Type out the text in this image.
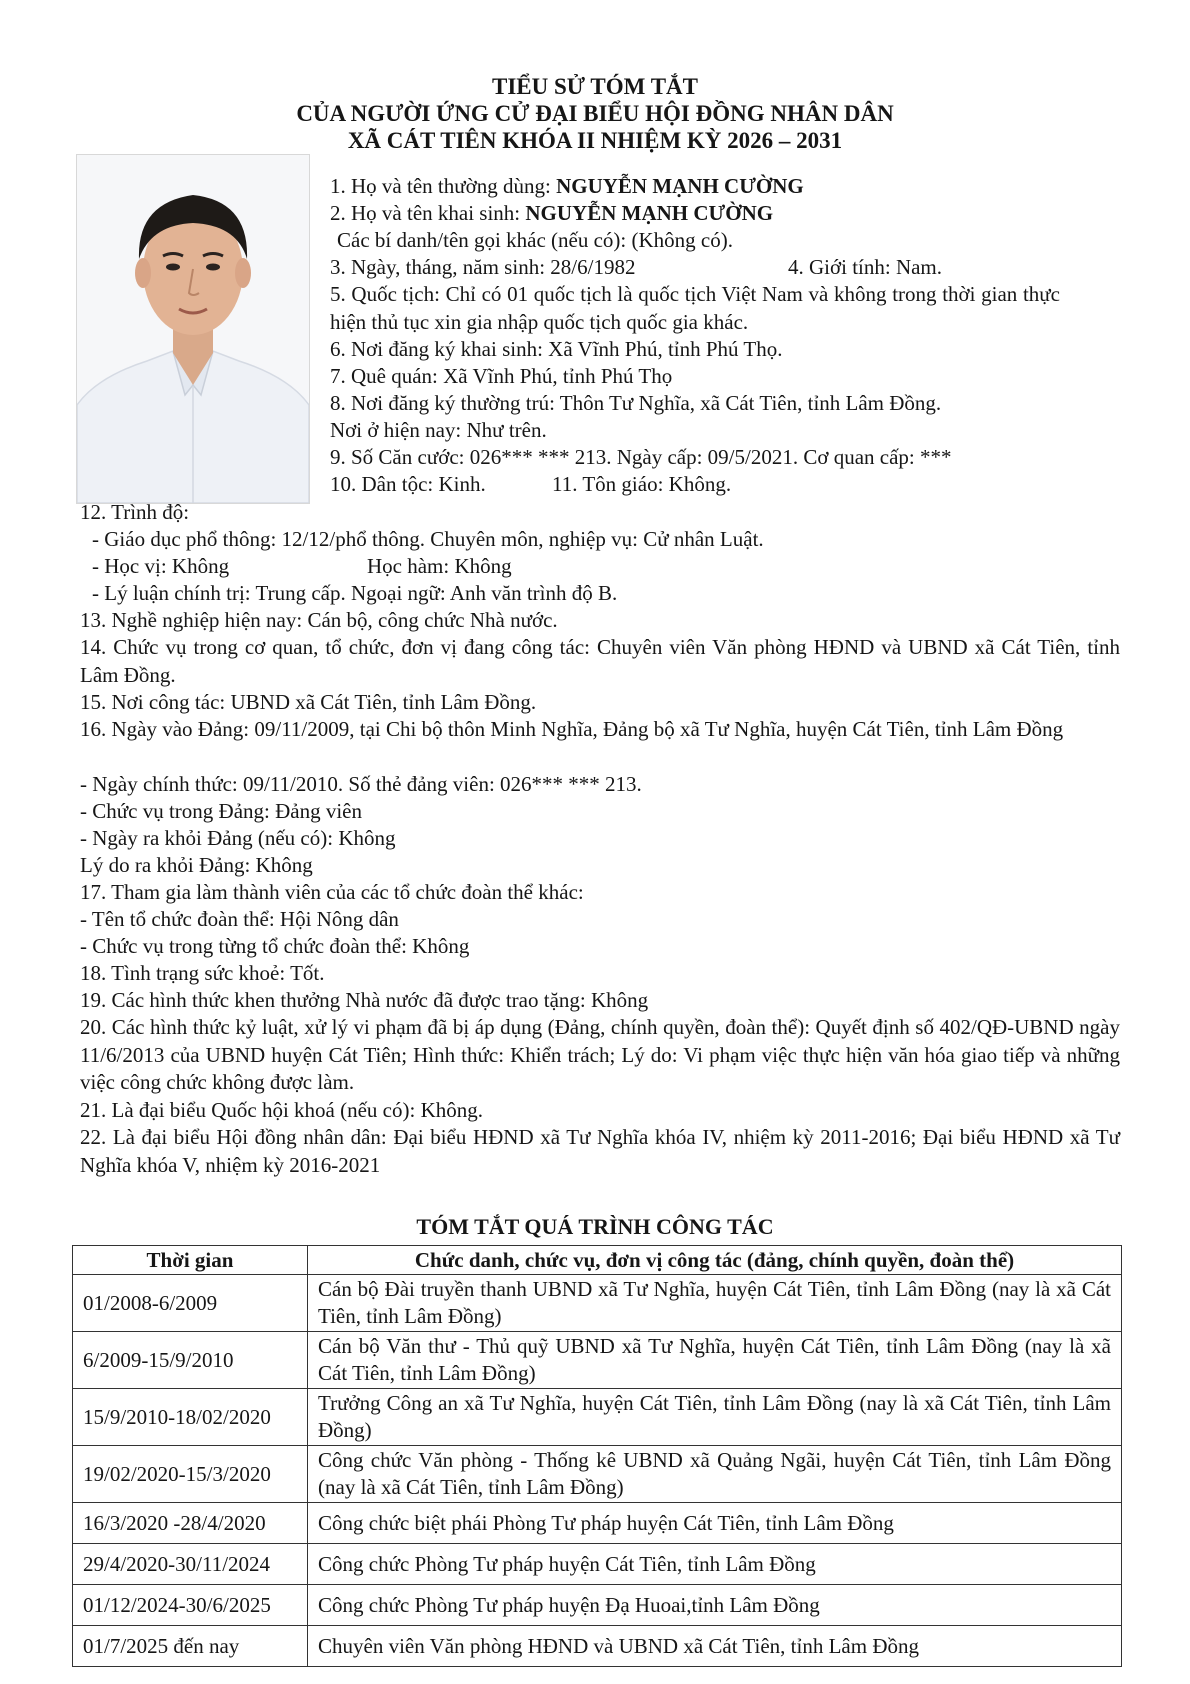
TIỂU SỬ TÓM TẮT
CỦA NGƯỜI ỨNG CỬ ĐẠI BIỂU HỘI ĐỒNG NHÂN DÂN
XÃ CÁT TIÊN KHÓA II NHIỆM KỲ 2026 – 2031
1. Họ và tên thường dùng: NGUYỄN MẠNH CƯỜNG
2. Họ và tên khai sinh: NGUYỄN MẠNH CƯỜNG
Các bí danh/tên gọi khác (nếu có): (Không có).
3. Ngày, tháng, năm sinh: 28/6/1982	4. Giới tính: Nam.
5. Quốc tịch: Chỉ có 01 quốc tịch là quốc tịch Việt Nam và không trong thời gian thực hiện thủ tục xin gia nhập quốc tịch quốc gia khác.
6. Nơi đăng ký khai sinh: Xã Vĩnh Phú, tỉnh Phú Thọ.
7. Quê quán: Xã Vĩnh Phú, tỉnh Phú Thọ
8. Nơi đăng ký thường trú: Thôn Tư Nghĩa, xã Cát Tiên, tỉnh Lâm Đồng.
Nơi ở hiện nay: Như trên.
9. Số Căn cước: 026*** *** 213. Ngày cấp: 09/5/2021. Cơ quan cấp: ***
10. Dân tộc: Kinh.	11. Tôn giáo: Không.
12. Trình độ:
- Giáo dục phổ thông: 12/12/phổ thông. Chuyên môn, nghiệp vụ: Cử nhân Luật.
- Học vị: Không	Học hàm: Không
- Lý luận chính trị: Trung cấp. Ngoại ngữ: Anh văn trình độ B.
13. Nghề nghiệp hiện nay: Cán bộ, công chức Nhà nước.
14. Chức vụ trong cơ quan, tổ chức, đơn vị đang công tác: Chuyên viên Văn phòng HĐND và UBND xã Cát Tiên, tỉnh Lâm Đồng.
15. Nơi công tác: UBND xã Cát Tiên, tỉnh Lâm Đồng.
16. Ngày vào Đảng: 09/11/2009, tại Chi bộ thôn Minh Nghĩa, Đảng bộ xã Tư Nghĩa, huyện Cát Tiên, tỉnh Lâm Đồng
- Ngày chính thức: 09/11/2010. Số thẻ đảng viên: 026*** *** 213.
- Chức vụ trong Đảng: Đảng viên
- Ngày ra khỏi Đảng (nếu có): Không
Lý do ra khỏi Đảng: Không
17. Tham gia làm thành viên của các tổ chức đoàn thể khác:
- Tên tổ chức đoàn thể: Hội Nông dân
- Chức vụ trong từng tổ chức đoàn thể: Không
18. Tình trạng sức khoẻ: Tốt.
19. Các hình thức khen thưởng Nhà nước đã được trao tặng: Không
20. Các hình thức kỷ luật, xử lý vi phạm đã bị áp dụng (Đảng, chính quyền, đoàn thể): Quyết định số 402/QĐ-UBND ngày 11/6/2013 của UBND huyện Cát Tiên; Hình thức: Khiển trách; Lý do: Vi phạm việc thực hiện văn hóa giao tiếp và những việc công chức không được làm.
21. Là đại biểu Quốc hội khoá (nếu có): Không.
22. Là đại biểu Hội đồng nhân dân: Đại biểu HĐND xã Tư Nghĩa khóa IV, nhiệm kỳ 2011-2016; Đại biểu HĐND xã Tư Nghĩa khóa V, nhiệm kỳ 2016-2021
TÓM TẮT QUÁ TRÌNH CÔNG TÁC
Thời gian	Chức danh, chức vụ, đơn vị công tác (đảng, chính quyền, đoàn thể)
01/2008-6/2009	Cán bộ Đài truyền thanh UBND xã Tư Nghĩa, huyện Cát Tiên, tỉnh Lâm Đồng (nay là xã Cát Tiên, tỉnh Lâm Đồng)
6/2009-15/9/2010	Cán bộ Văn thư - Thủ quỹ UBND xã Tư Nghĩa, huyện Cát Tiên, tỉnh Lâm Đồng (nay là xã Cát Tiên, tỉnh Lâm Đồng)
15/9/2010-18/02/2020	Trưởng Công an xã Tư Nghĩa, huyện Cát Tiên, tỉnh Lâm Đồng (nay là xã Cát Tiên, tỉnh Lâm Đồng)
19/02/2020-15/3/2020	Công chức Văn phòng - Thống kê UBND xã Quảng Ngãi, huyện Cát Tiên, tỉnh Lâm Đồng (nay là xã Cát Tiên, tỉnh Lâm Đồng)
16/3/2020 -28/4/2020	Công chức biệt phái Phòng Tư pháp huyện Cát Tiên, tỉnh Lâm Đồng
29/4/2020-30/11/2024	Công chức Phòng Tư pháp huyện Cát Tiên, tỉnh Lâm Đồng
01/12/2024-30/6/2025	Công chức Phòng Tư pháp huyện Đạ Huoai,tỉnh Lâm Đồng
01/7/2025 đến nay	Chuyên viên Văn phòng HĐND và UBND xã Cát Tiên, tỉnh Lâm Đồng
